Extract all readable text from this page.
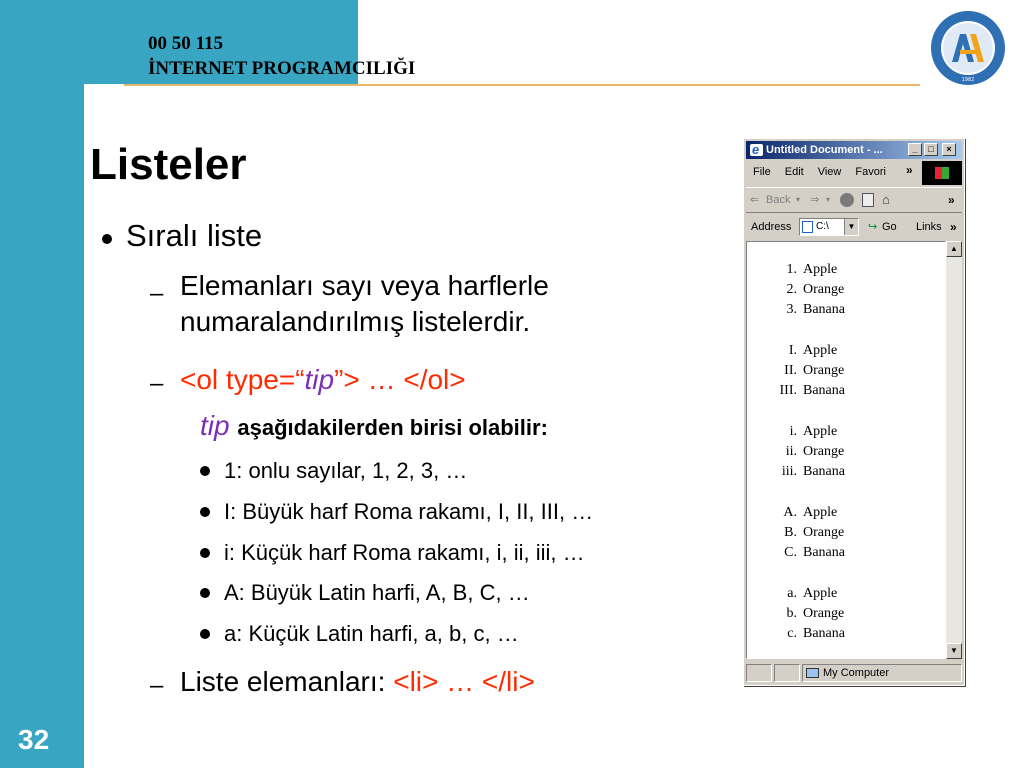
00 50 115
İNTERNET PROGRAMCILIĞI
32
1982
Listeler
Sıralı liste
– Elemanları sayı veya harflerle
numaralandırılmış listelerdir.
– <ol type=“tip”> … </ol>
tip aşağıdakilerden birisi olabilir:
1: onlu sayılar, 1, 2, 3, …
I: Büyük harf Roma rakamı, I, II, III, …
i: Küçük harf Roma rakamı, i, ii, iii, …
A: Büyük Latin harfi, A, B, C, …
a: Küçük Latin harfi, a, b, c, …
– Liste elemanları: <li> … </li>
e
Untitled Document - ...	_	□	×
File	Edit	View	Favori	»
⇐ Back ▾ ⇒ ▾	⌂	»
Address	C:\	▼ ↪ Go Links »
1. Apple
2. Orange
3. Banana
I. Apple
II. Orange
III. Banana
i. Apple
ii. Orange
iii. Banana
A. Apple
B. Orange
C. Banana
a. Apple
b. Orange
c. Banana
▲
▼
My Computer
